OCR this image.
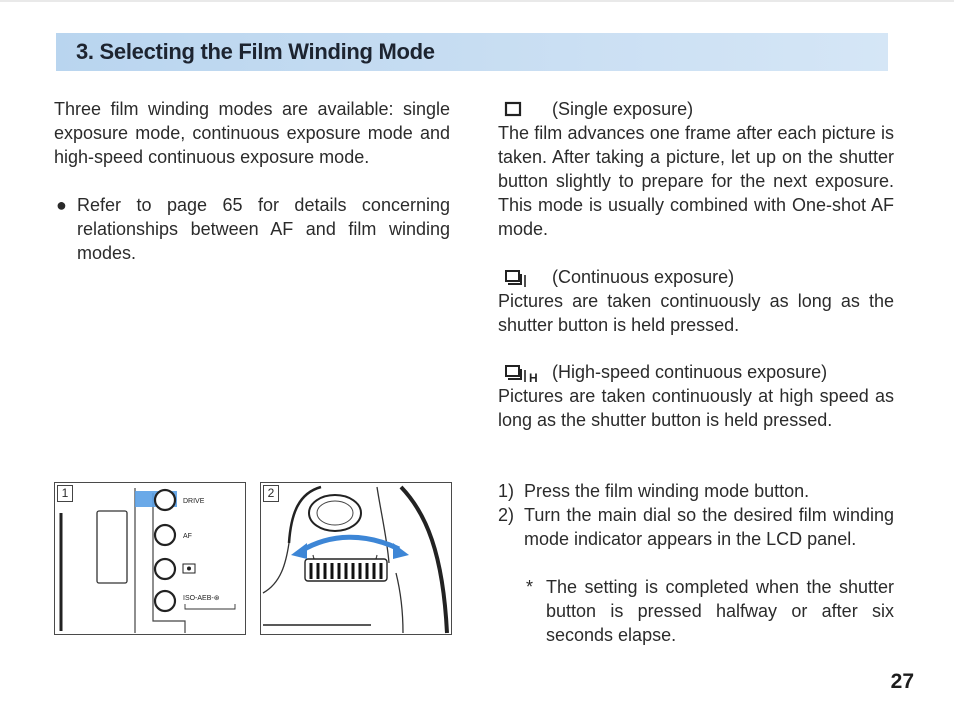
3. Selecting the Film Winding Mode

Three film winding modes are available: single exposure mode, continuous exposure mode and high-speed continuous exposure mode.

● Refer to page 65 for details concerning relationships between AF and film winding modes.

(Single exposure)

The film advances one frame after each picture is taken. After taking a picture, let up on the shutter button slightly to prepare for the next exposure. This mode is usually combined with One-shot AF mode.

(Continuous exposure)

Pictures are taken continuously as long as the shutter button is held pressed.

H (High-speed continuous exposure)

Pictures are taken continuously at high speed as long as the shutter button is held pressed.

1) Press the film winding mode button.

2) Turn the main dial so the desired film winding mode indicator appears in the LCD panel.

* The setting is completed when the shutter button is pressed halfway or after six seconds elapse.

1
DRIVE
AF
ISO-AEB-⊛
2
27
